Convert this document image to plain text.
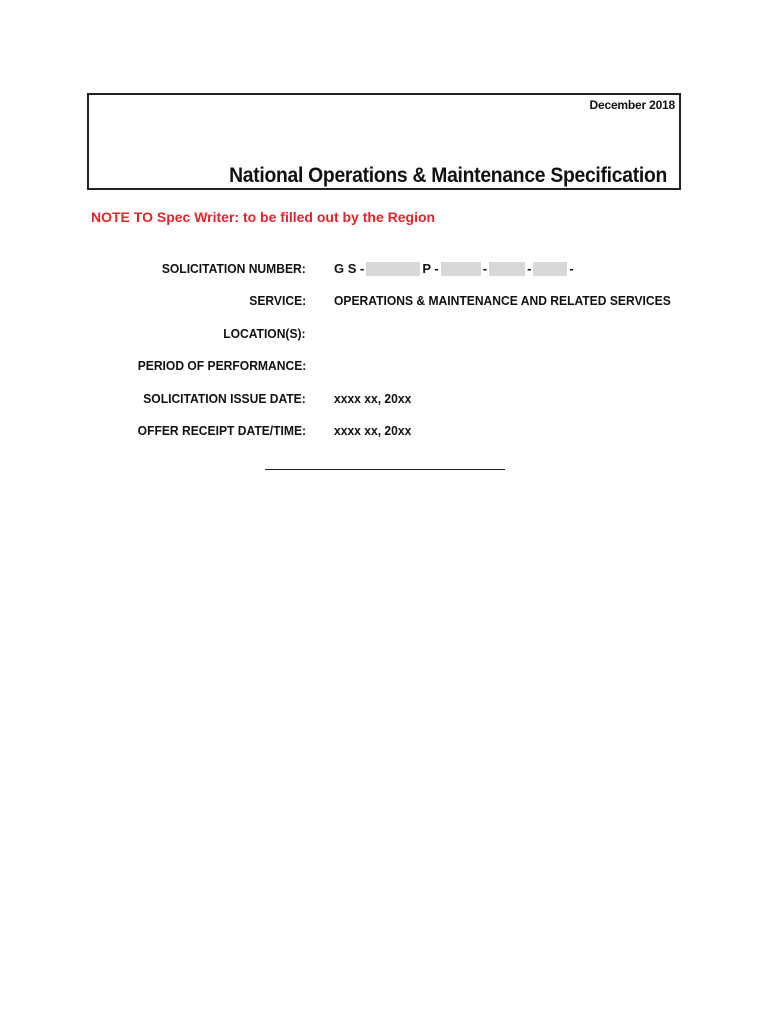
December 2018
National Operations & Maintenance Specification
NOTE TO Spec Writer: to be filled out by the Region
SOLICITATION NUMBER: G S -	P -	-	-	-
SERVICE: OPERATIONS & MAINTENANCE AND RELATED SERVICES
LOCATION(S):
PERIOD OF PERFORMANCE:
SOLICITATION ISSUE DATE: xxxx xx, 20xx
OFFER RECEIPT DATE/TIME: xxxx xx, 20xx
